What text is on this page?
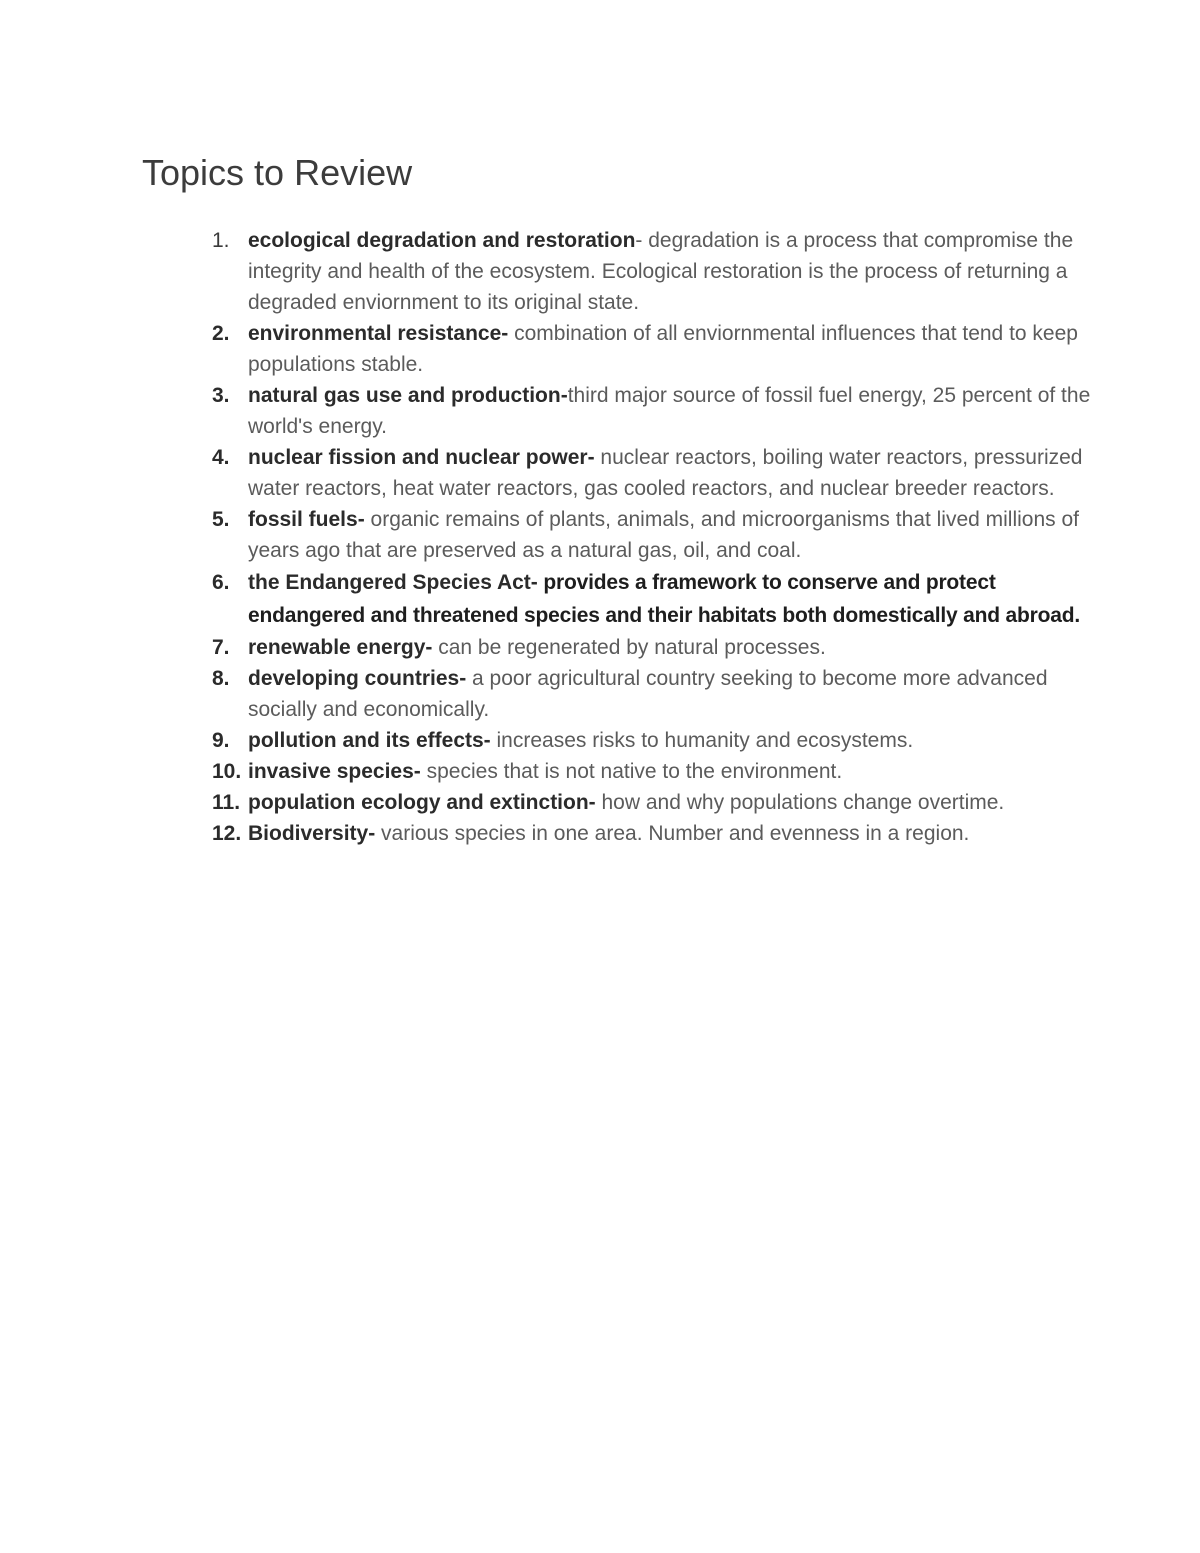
Topics to Review
1. ecological degradation and restoration- degradation is a process that compromise the integrity and health of the ecosystem. Ecological restoration is the process of returning a degraded enviornment to its original state.
2. environmental resistance- combination of all enviornmental influences that tend to keep populations stable.
3. natural gas use and production-third major source of fossil fuel energy, 25 percent of the world's energy.
4. nuclear fission and nuclear power- nuclear reactors, boiling water reactors, pressurized water reactors, heat water reactors, gas cooled reactors, and nuclear breeder reactors.
5. fossil fuels- organic remains of plants, animals, and microorganisms that lived millions of years ago that are preserved as a natural gas, oil, and coal.
6. the Endangered Species Act- provides a framework to conserve and protect endangered and threatened species and their habitats both domestically and abroad.
7. renewable energy- can be regenerated by natural processes.
8. developing countries- a poor agricultural country seeking to become more advanced socially and economically.
9. pollution and its effects- increases risks to humanity and ecosystems.
10. invasive species- species that is not native to the environment.
11. population ecology and extinction- how and why populations change overtime.
12. Biodiversity- various species in one area. Number and evenness in a region.
